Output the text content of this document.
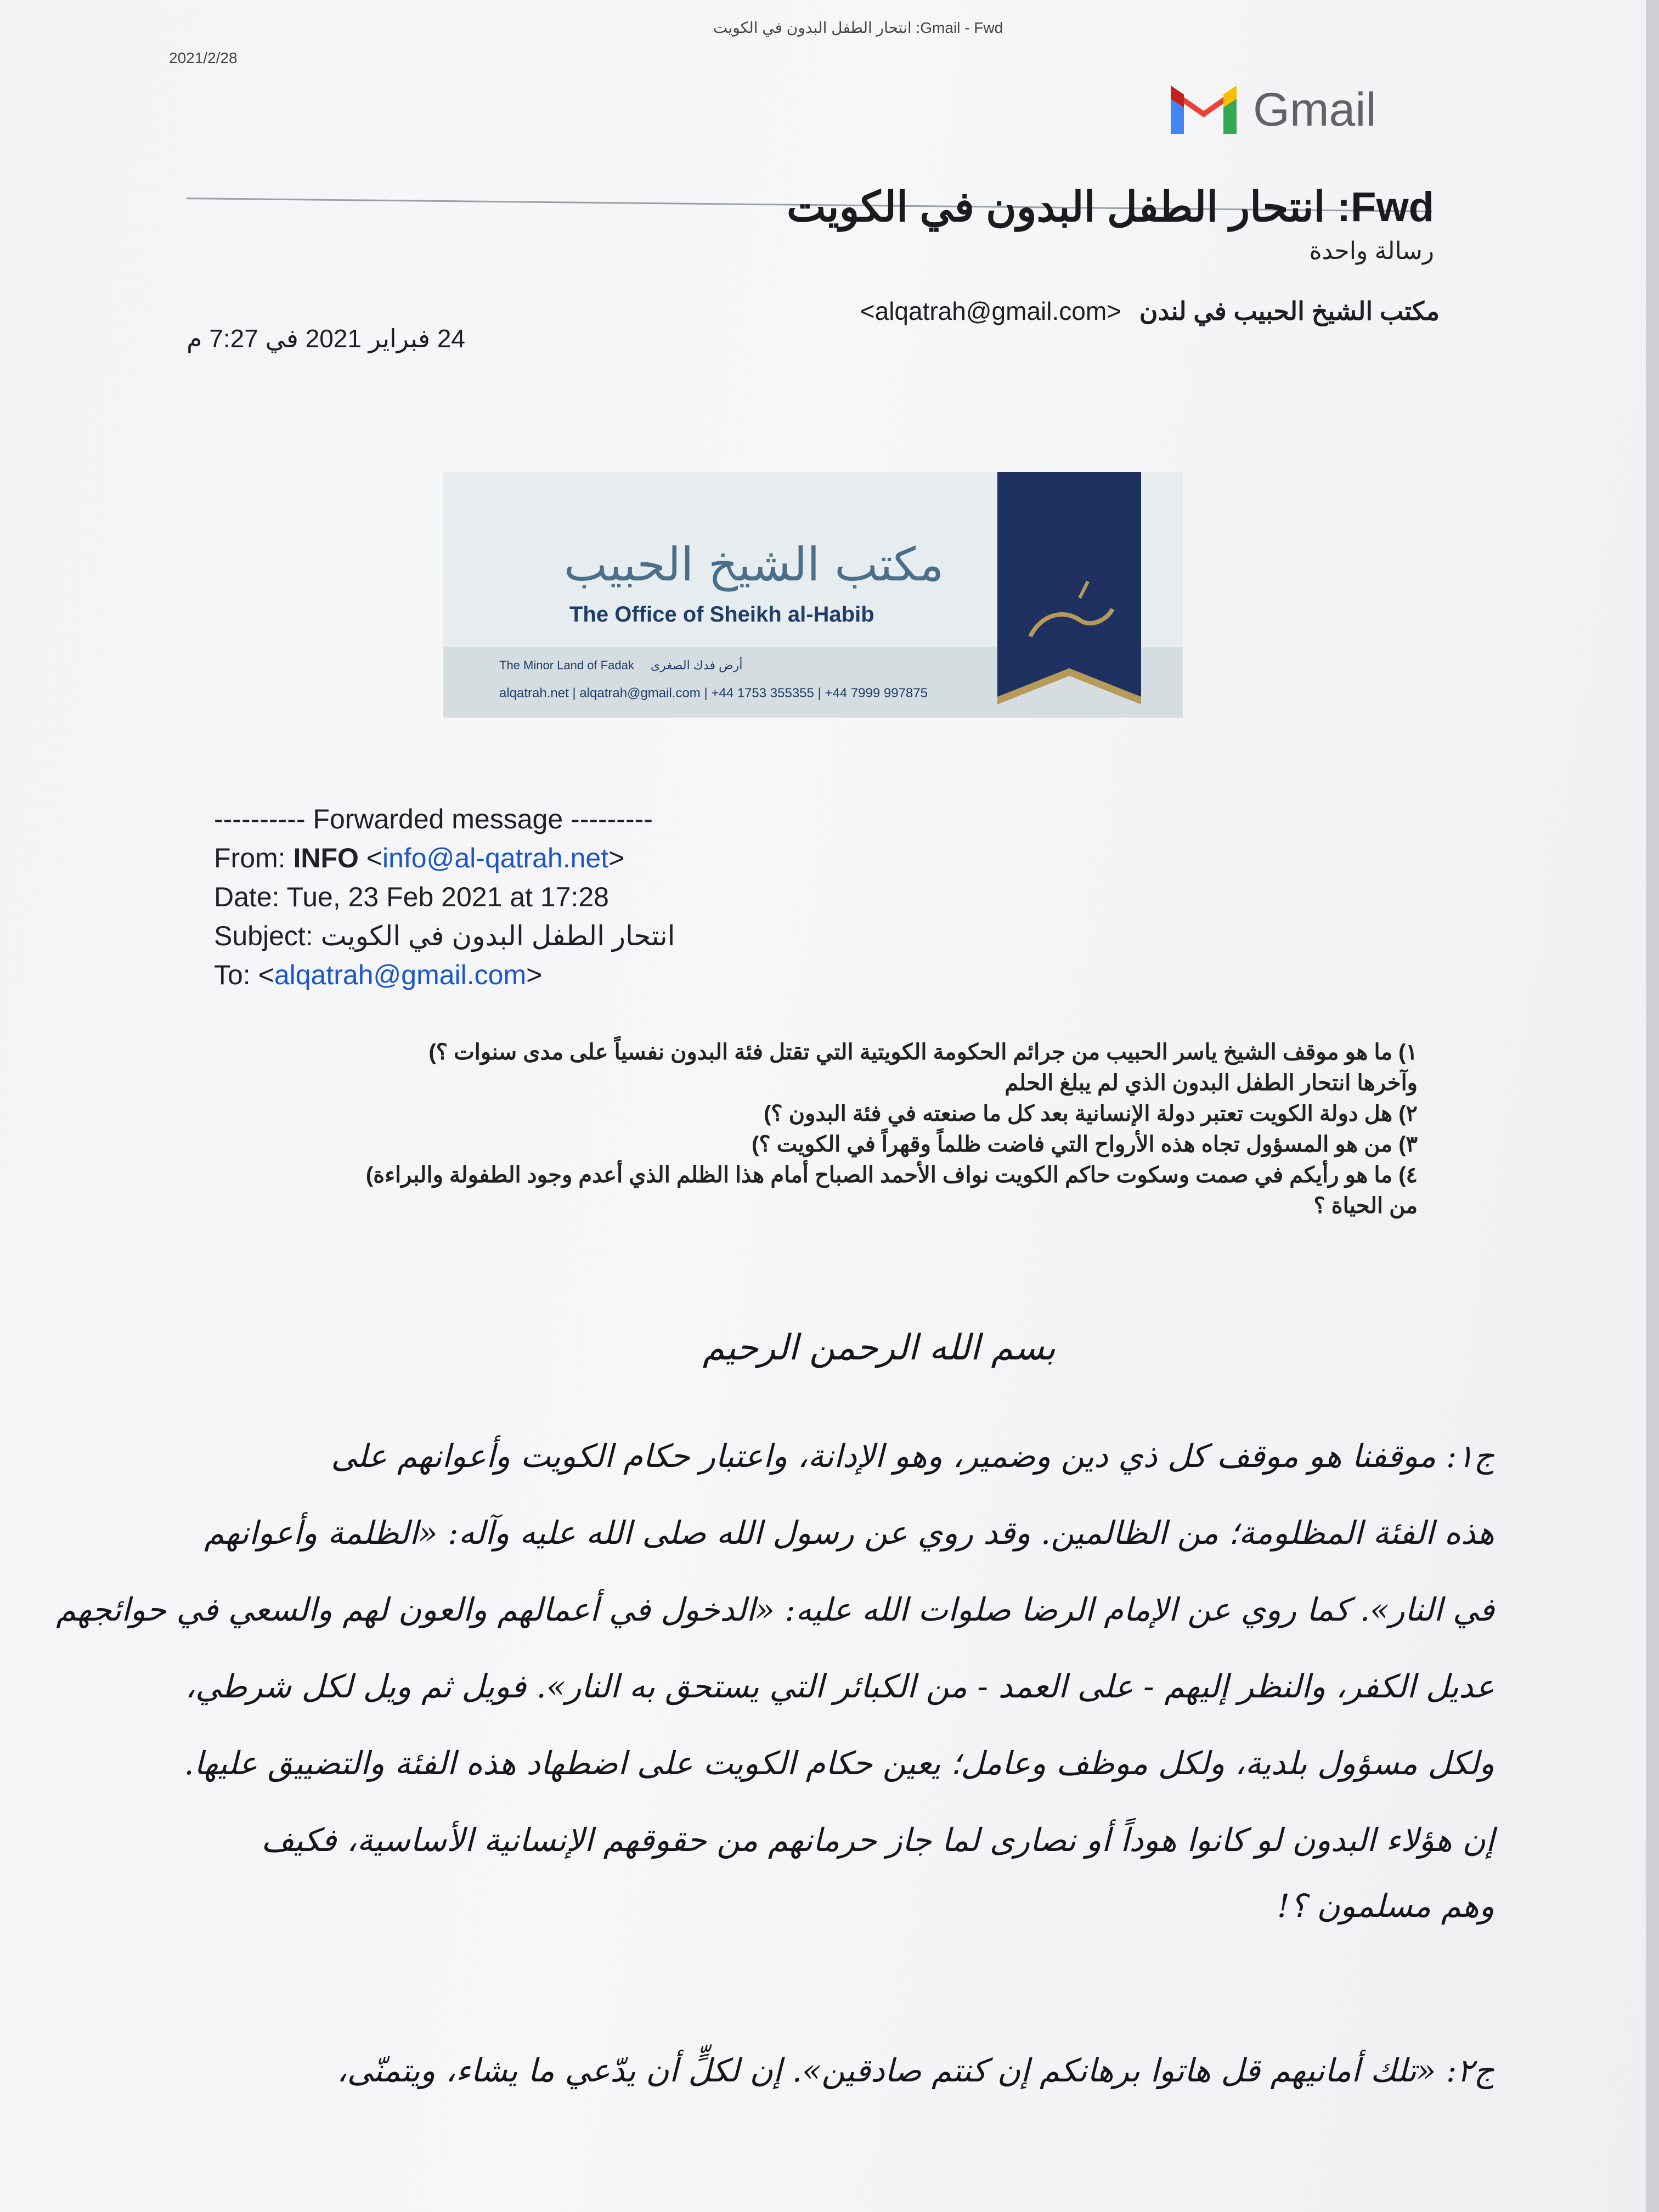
2021/2/28
Gmail - Fwd: انتحار الطفل البدون في الكويت
Gmail
Fwd: انتحار الطفل البدون في الكويت
رسالة واحدة
مكتب الشيخ الحبيب في لندن <alqatrah@gmail.com>
24 فبراير 2021 في 7:27 م
مكتب الشيخ الحبيب
The Office of Sheikh al-Habib
The Minor Land of Fadak أرض فدك الصغرى
alqatrah.net | alqatrah@gmail.com | +44 1753 355355 | +44 7999 997875
---------- Forwarded message ---------
From: INFO <info@al-qatrah.net>
Date: Tue, 23 Feb 2021 at 17:28
Subject: انتحار الطفل البدون في الكويت
To: <alqatrah@gmail.com>
١) ما هو موقف الشيخ ياسر الحبيب من جرائم الحكومة الكويتية التي تقتل فئة البدون نفسياً على مدى سنوات ؟)
وآخرها انتحار الطفل البدون الذي لم يبلغ الحلم
٢) هل دولة الكويت تعتبر دولة الإنسانية بعد كل ما صنعته في فئة البدون ؟)
٣) من هو المسؤول تجاه هذه الأرواح التي فاضت ظلماً وقهراً في الكويت ؟)
٤) ما هو رأيكم في صمت وسكوت حاكم الكويت نواف الأحمد الصباح أمام هذا الظلم الذي أعدم وجود الطفولة والبراءة)
من الحياة ؟
بسم الله الرحمن الرحيم
ج١: موقفنا هو موقف كل ذي دين وضمير، وهو الإدانة، واعتبار حكام الكويت وأعوانهم على
هذه الفئة المظلومة؛ من الظالمين. وقد روي عن رسول الله صلى الله عليه وآله: «الظلمة وأعوانهم
في النار». كما روي عن الإمام الرضا صلوات الله عليه: «الدخول في أعمالهم والعون لهم والسعي في حوائجهم
عديل الكفر، والنظر إليهم - على العمد - من الكبائر التي يستحق به النار». فويل ثم ويل لكل شرطي،
ولكل مسؤول بلدية، ولكل موظف وعامل؛ يعين حكام الكويت على اضطهاد هذه الفئة والتضييق عليها.
إن هؤلاء البدون لو كانوا هوداً أو نصارى لما جاز حرمانهم من حقوقهم الإنسانية الأساسية، فكيف
وهم مسلمون ؟!
ج٢: «تلك أمانيهم قل هاتوا برهانكم إن كنتم صادقين». إن لكلٍّ أن يدّعي ما يشاء، ويتمنّى،
